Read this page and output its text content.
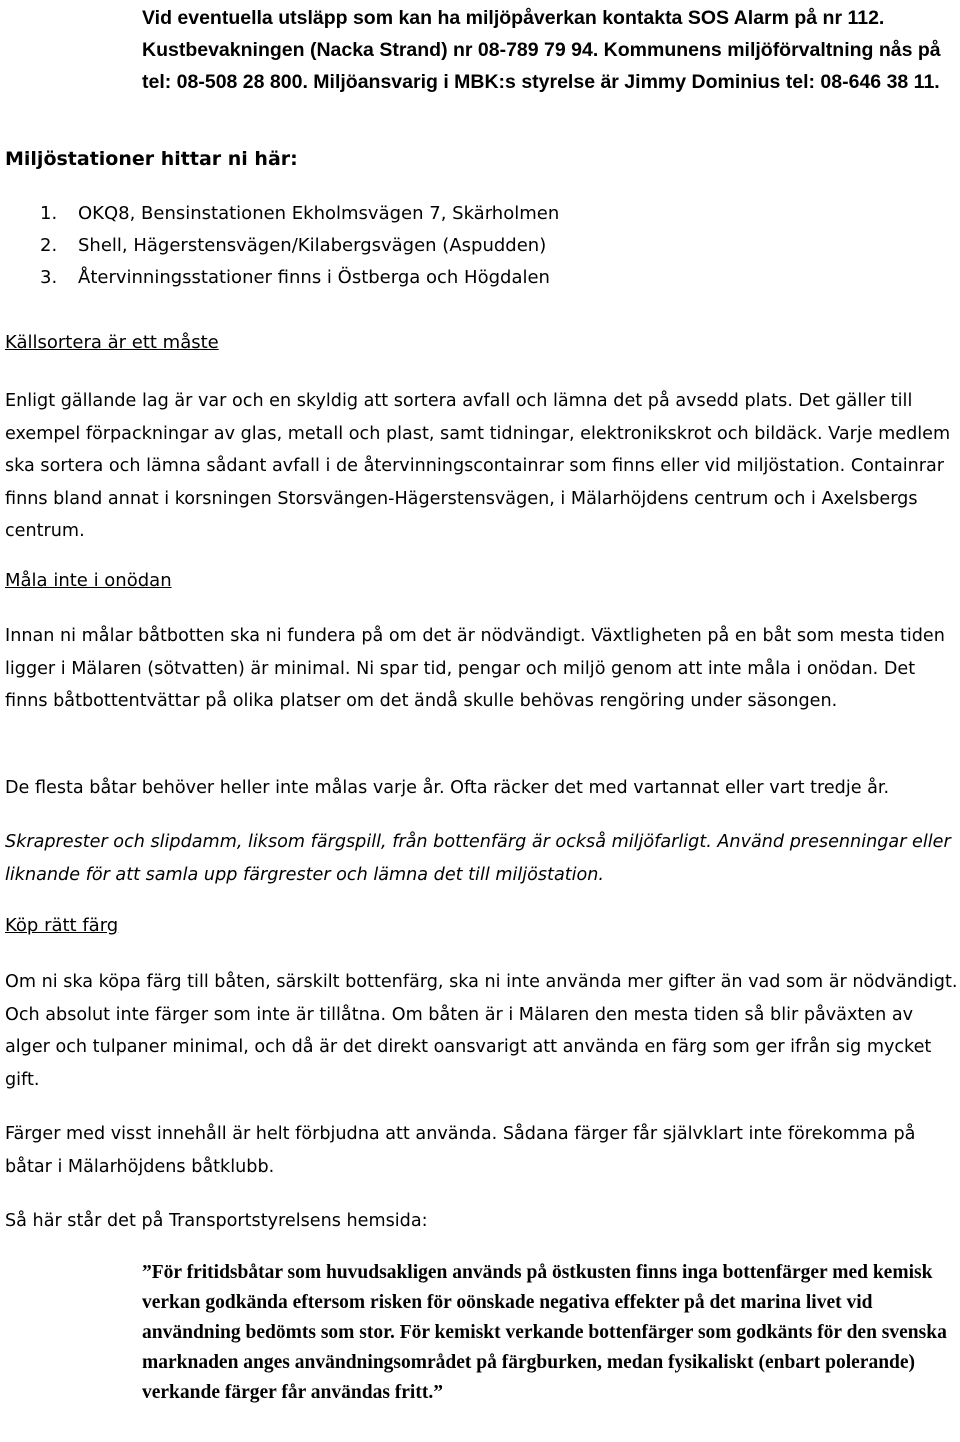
Vid eventuella utsläpp som kan ha miljöpåverkan kontakta SOS Alarm på nr 112. Kustbevakningen (Nacka Strand) nr 08-789 79 94. Kommunens miljöförvaltning nås på tel: 08-508 28 800. Miljöansvarig i MBK:s styrelse är Jimmy Dominius tel: 08-646 38 11.
Miljöstationer hittar ni här:
1. OKQ8, Bensinstationen Ekholmsvägen 7, Skärholmen
2. Shell, Hägerstensvägen/Kilabergsvägen (Aspudden)
3. Återvinningsstationer finns i Östberga och Högdalen
Källsortera är ett måste
Enligt gällande lag är var och en skyldig att sortera avfall och lämna det på avsedd plats. Det gäller till exempel förpackningar av glas, metall och plast, samt tidningar, elektronikskrot och bildäck. Varje medlem ska sortera och lämna sådant avfall i de återvinningscontainrar som finns eller vid miljöstation. Containrar finns bland annat i korsningen Storsvängen-Hägerstensvägen, i Mälarhöjdens centrum och i Axelsbergs centrum.
Måla inte i onödan
Innan ni målar båtbotten ska ni fundera på om det är nödvändigt. Växtligheten på en båt som mesta tiden ligger i Mälaren (sötvatten) är minimal. Ni spar tid, pengar och miljö genom att inte måla i onödan. Det finns båtbottentvättar på olika platser om det ändå skulle behövas rengöring under säsongen.
De flesta båtar behöver heller inte målas varje år. Ofta räcker det med vartannat eller vart tredje år.
Skraprester och slipdamm, liksom färgspill, från bottenfärg är också miljöfarligt. Använd presenningar eller liknande för att samla upp färgrester och lämna det till miljöstation.
Köp rätt färg
Om ni ska köpa färg till båten, särskilt bottenfärg, ska ni inte använda mer gifter än vad som är nödvändigt. Och absolut inte färger som inte är tillåtna. Om båten är i Mälaren den mesta tiden så blir påväxten av alger och tulpaner minimal, och då är det direkt oansvarigt att använda en färg som ger ifrån sig mycket gift.
Färger med visst innehåll är helt förbjudna att använda. Sådana färger får självklart inte förekomma på båtar i Mälarhöjdens båtklubb.
Så här står det på Transportstyrelsens hemsida:
”För fritidsbåtar som huvudsakligen används på östkusten finns inga bottenfärger med kemisk verkan godkända eftersom risken för oönskade negativa effekter på det marina livet vid användning bedömts som stor. För kemiskt verkande bottenfärger som godkänts för den svenska marknaden anges användningsområdet på färgburken, medan fysikaliskt (enbart polerande) verkande färger får användas fritt.”
